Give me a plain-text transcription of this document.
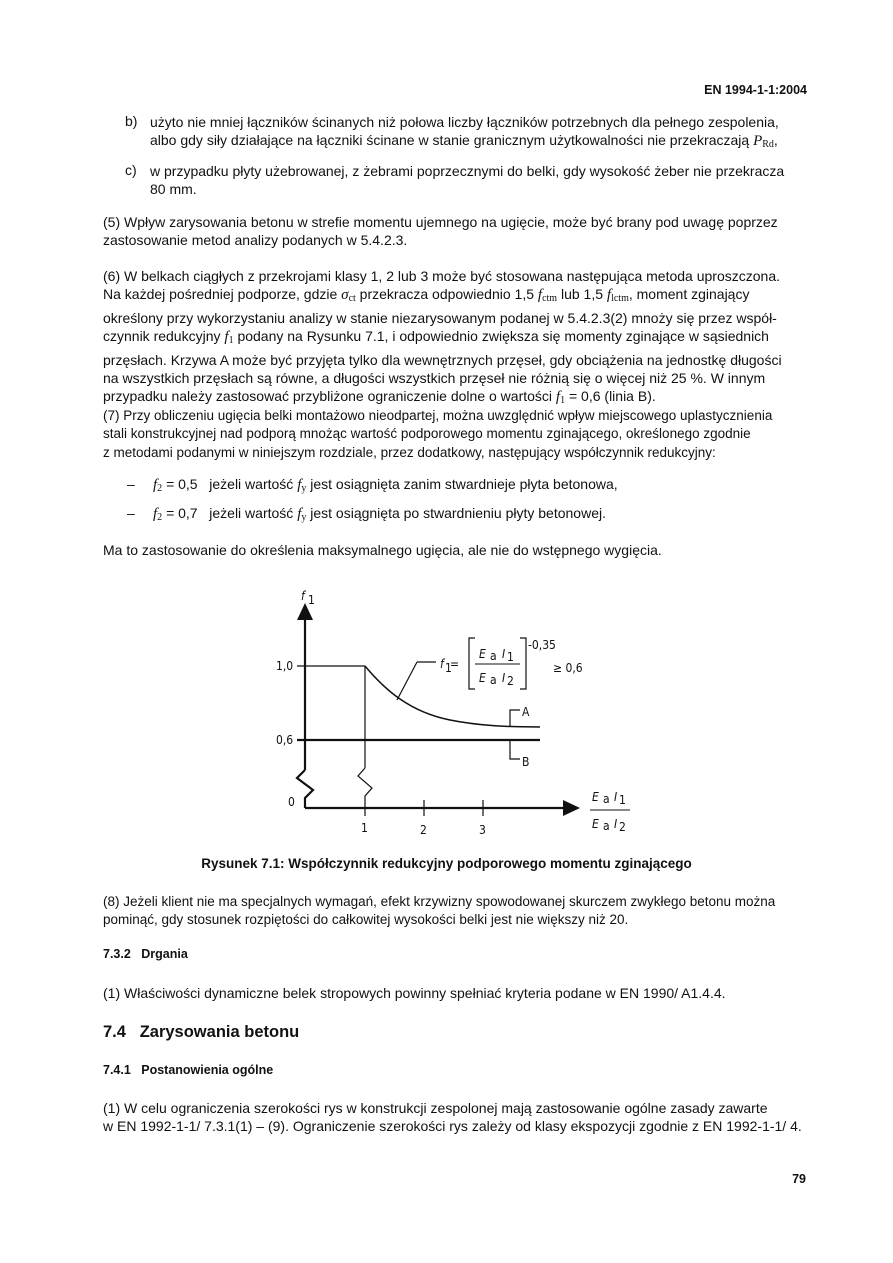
EN 1994-1-1:2004
b) użyto nie mniej łączników ścinanych niż połowa liczby łączników potrzebnych dla pełnego zespolenia,
albo gdy siły działające na łączniki ścinane w stanie granicznym użytkowalności nie przekraczają $P_{Rd}$,
c) w przypadku płyty użebrowanej, z żebrami poprzecznymi do belki, gdy wysokość żeber nie przekracza
80 mm.
(5) Wpływ zarysowania betonu w strefie momentu ujemnego na ugięcie, może być brany pod uwagę poprzez
zastosowanie metod analizy podanych w 5.4.2.3.
(6) W belkach ciągłych z przekrojami klasy 1, 2 lub 3 może być stosowana następująca metoda uproszczona.
Na każdej pośredniej podporze, gdzie $\sigma_{ct}$ przekracza odpowiednio 1,5 $f_{ctm}$ lub 1,5 $f_{lctm}$, moment zginający
określony przy wykorzystaniu analizy w stanie niezarysowanym podanej w 5.4.2.3(2) mnoży się przez współ-
czynnik redukcyjny $f_1$ podany na Rysunku 7.1, i odpowiednio zwiększa się momenty zginające w sąsiednich
przęsłach. Krzywa A może być przyjęta tylko dla wewnętrznych przęseł, gdy obciążenia na jednostkę długości
na wszystkich przęsłach są równe, a długości wszystkich przęseł nie różnią się o więcej niż 25 %. W innym
przypadku należy zastosować przybliżone ograniczenie dolne o wartości $f_1 = 0,6$ (linia B).
(7) Przy obliczeniu ugięcia belki montażowo nieodpartej, można uwzględnić wpływ miejscowego uplastycznienia
stali konstrukcyjnej nad podporą mnożąc wartość podporowego momentu zginającego, określonego zgodnie
z metodami podanymi w niniejszym rozdziale, przez dodatkowy, następujący współczynnik redukcyjny:
– $f_2 = 0,5$ jeżeli wartość $f_y$ jest osiągnięta zanim stwardnieje płyta betonowa,
– $f_2 = 0,7$ jeżeli wartość $f_y$ jest osiągnięta po stwardnieniu płyty betonowej.
Ma to zastosowanie do określenia maksymalnego ugięcia, ale nie do wstępnego wygięcia.
A
B
f 1
1,0
0,6
0
1	2	3
f 1
=
E a I 1
E a I 2
-0,35
≥ 0,6
E a I 1
E a I 2
Rysunek 7.1: Współczynnik redukcyjny podporowego momentu zginającego
(8) Jeżeli klient nie ma specjalnych wymagań, efekt krzywizny spowodowanej skurczem zwykłego betonu można
pominąć, gdy stosunek rozpiętości do całkowitej wysokości belki jest nie większy niż 20.
7.3.2 Drgania
(1) Właściwości dynamiczne belek stropowych powinny spełniać kryteria podane w EN 1990/ A1.4.4.
7.4 Zarysowania betonu
7.4.1 Postanowienia ogólne
(1) W celu ograniczenia szerokości rys w konstrukcji zespolonej mają zastosowanie ogólne zasady zawarte
w EN 1992-1-1/ 7.3.1(1) – (9). Ograniczenie szerokości rys zależy od klasy ekspozycji zgodnie z EN 1992-1-1/ 4.
79
